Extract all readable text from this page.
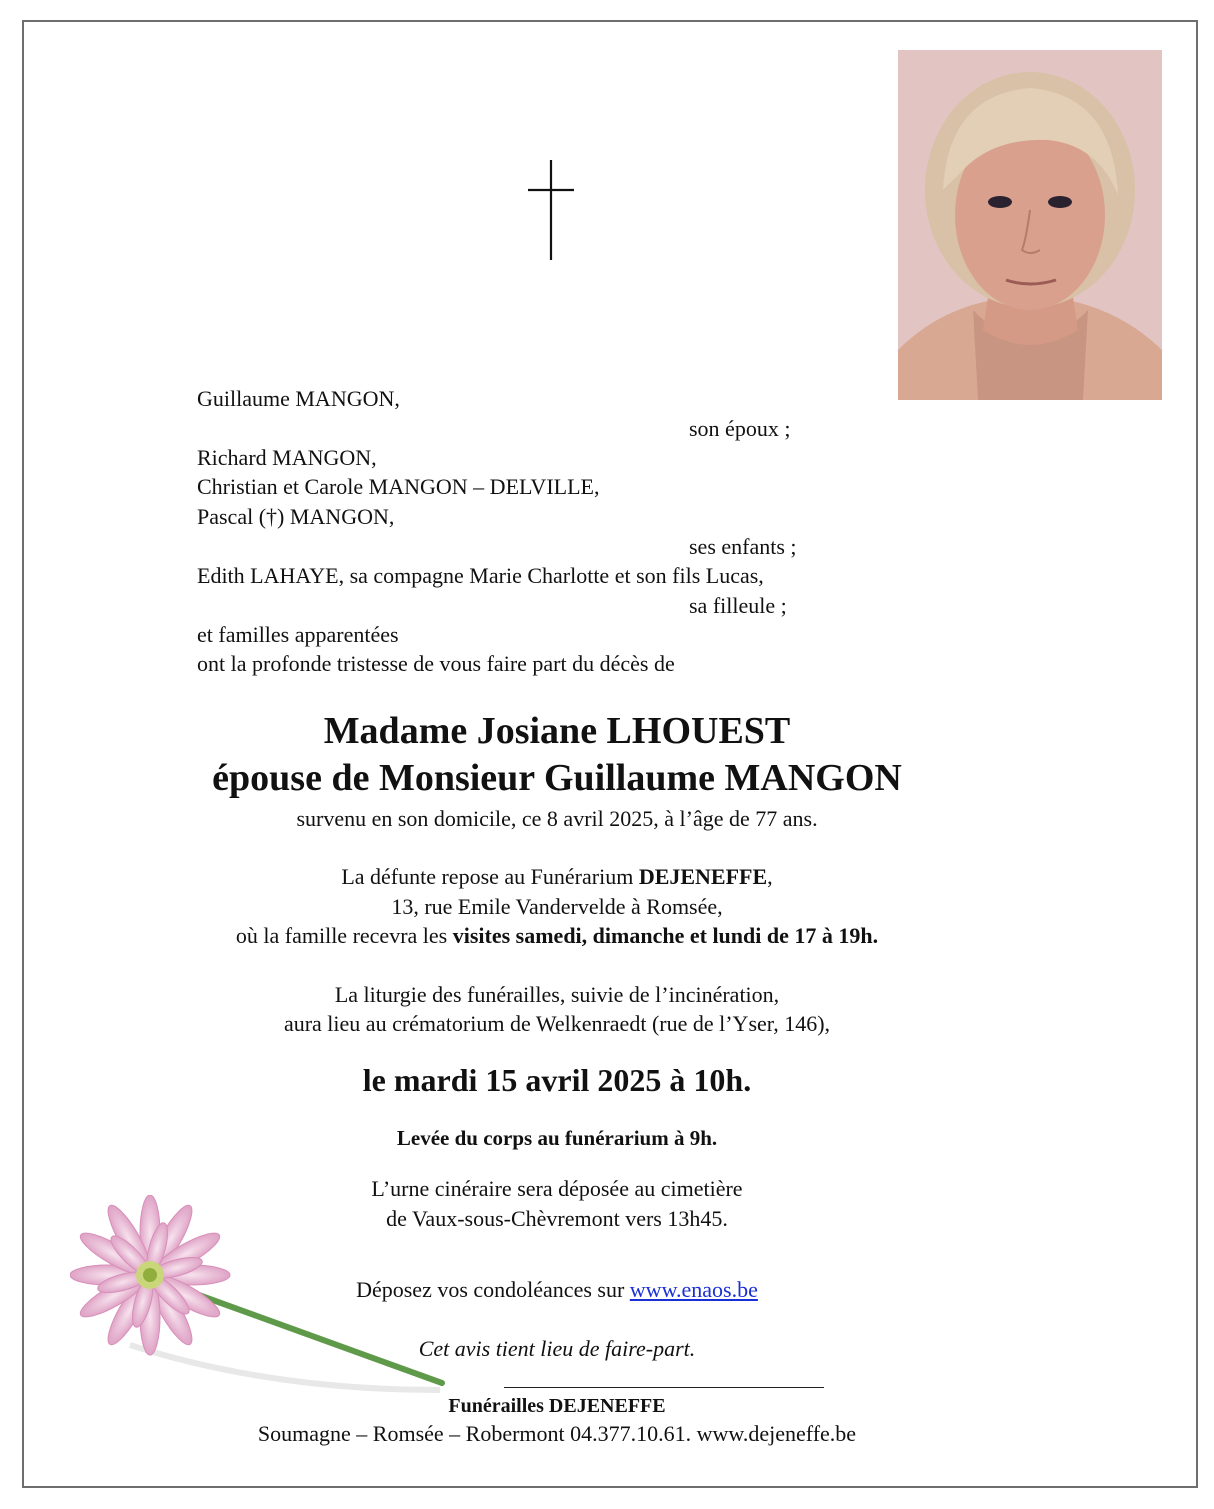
Guillaume MANGON,
son époux ;
Richard MANGON,
Christian et Carole MANGON – DELVILLE,
Pascal (†) MANGON,
ses enfants ;
Edith LAHAYE, sa compagne Marie Charlotte et son fils Lucas,
sa filleule ;
et familles apparentées
ont la profonde tristesse de vous faire part du décès de
Madame Josiane LHOUEST
épouse de Monsieur Guillaume MANGON
survenu en son domicile, ce 8 avril 2025, à l’âge de 77 ans.
La défunte repose au Funérarium DEJENEFFE,
13, rue Emile Vandervelde à Romsée,
où la famille recevra les visites samedi, dimanche et lundi de 17 à 19h.
La liturgie des funérailles, suivie de l’incinération,
aura lieu au crématorium de Welkenraedt (rue de l’Yser, 146),
le mardi 15 avril 2025 à 10h.
Levée du corps au funérarium à 9h.
L’urne cinéraire sera déposée au cimetière
de Vaux-sous-Chèvremont vers 13h45.
Déposez vos condoléances sur www.enaos.be
Cet avis tient lieu de faire-part.
Funérailles DEJENEFFE
Soumagne – Romsée – Robermont 04.377.10.61. www.dejeneffe.be
